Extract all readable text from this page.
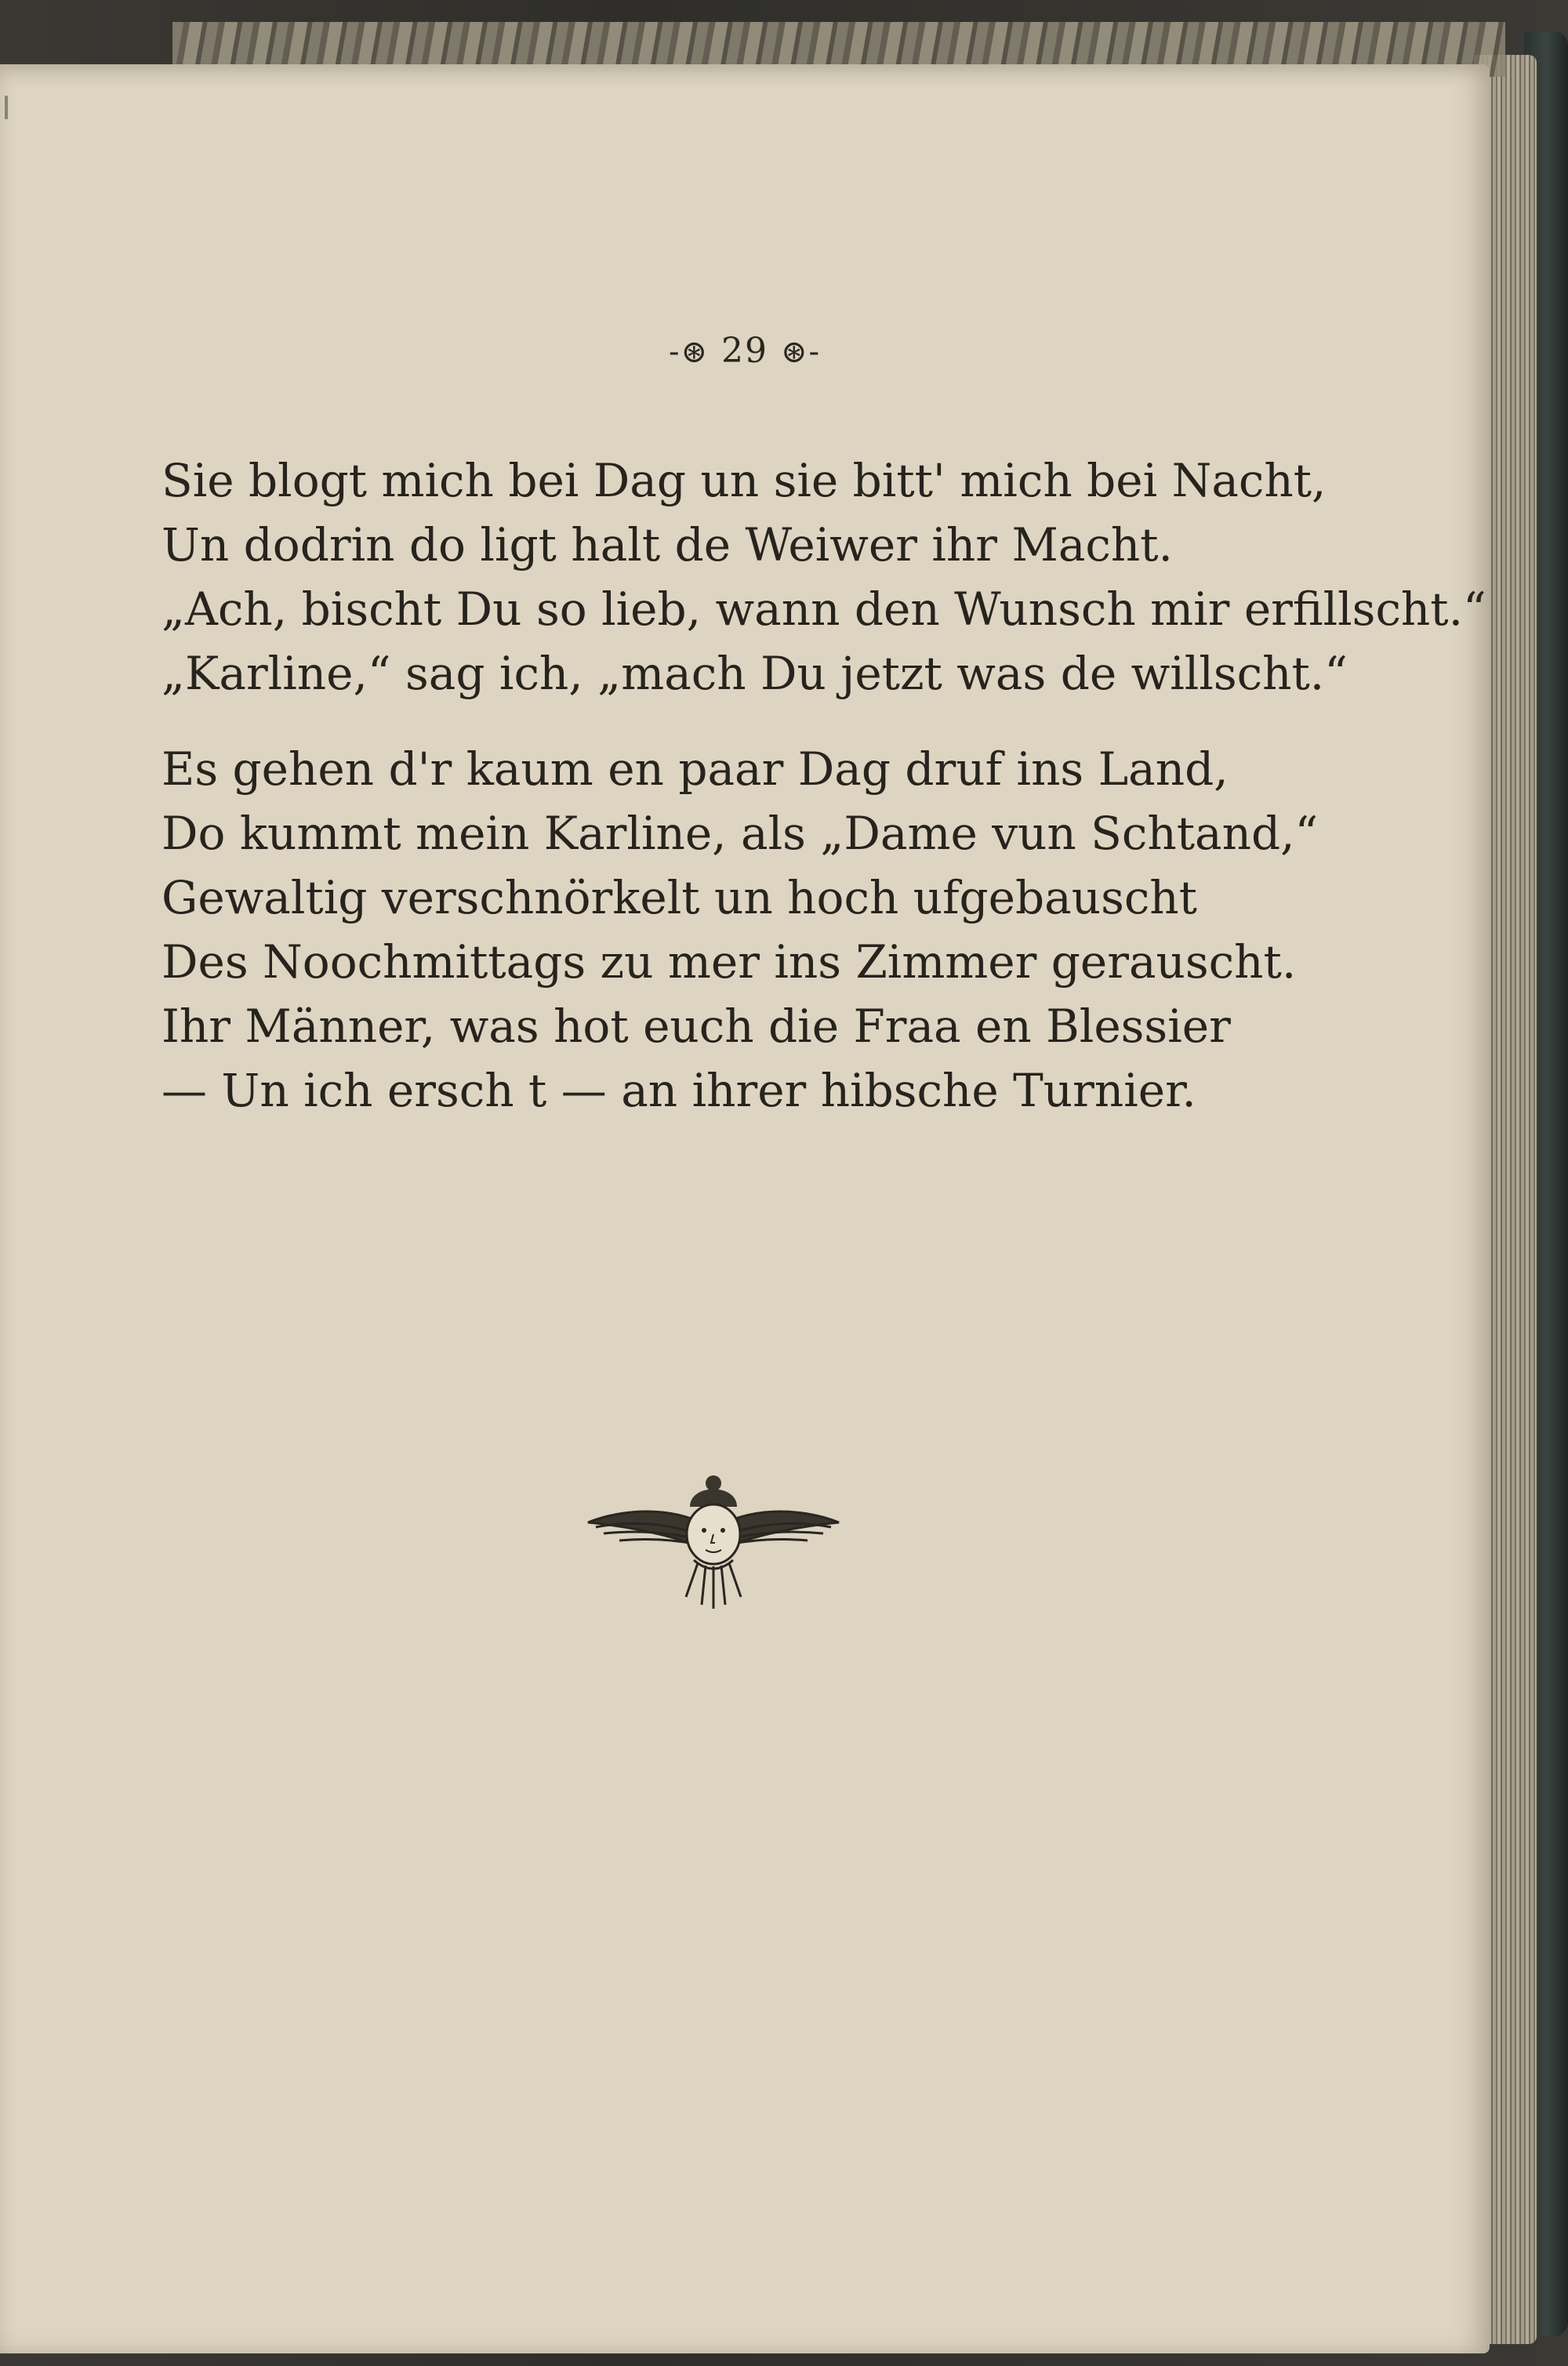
-⊛ 29 ⊛-
Sie blogt mich bei Dag un sie bitt' mich bei Nacht,
Un dodrin do ligt halt de Weiwer ihr Macht.
„Ach, bischt Du so lieb, wann den Wunsch mir erfillscht.“
„Karline,“ sag ich, „mach Du jetzt was de willscht.“
Es gehen d'r kaum en paar Dag druf ins Land,
Do kummt mein Karline, als „Dame vun Schtand,“
Gewaltig verschnörkelt un hoch ufgebauscht
Des Noochmittags zu mer ins Zimmer gerauscht.
Ihr Männer, was hot euch die Fraa en Blessier
— Un ich ersch t — an ihrer hibsche Turnier.
